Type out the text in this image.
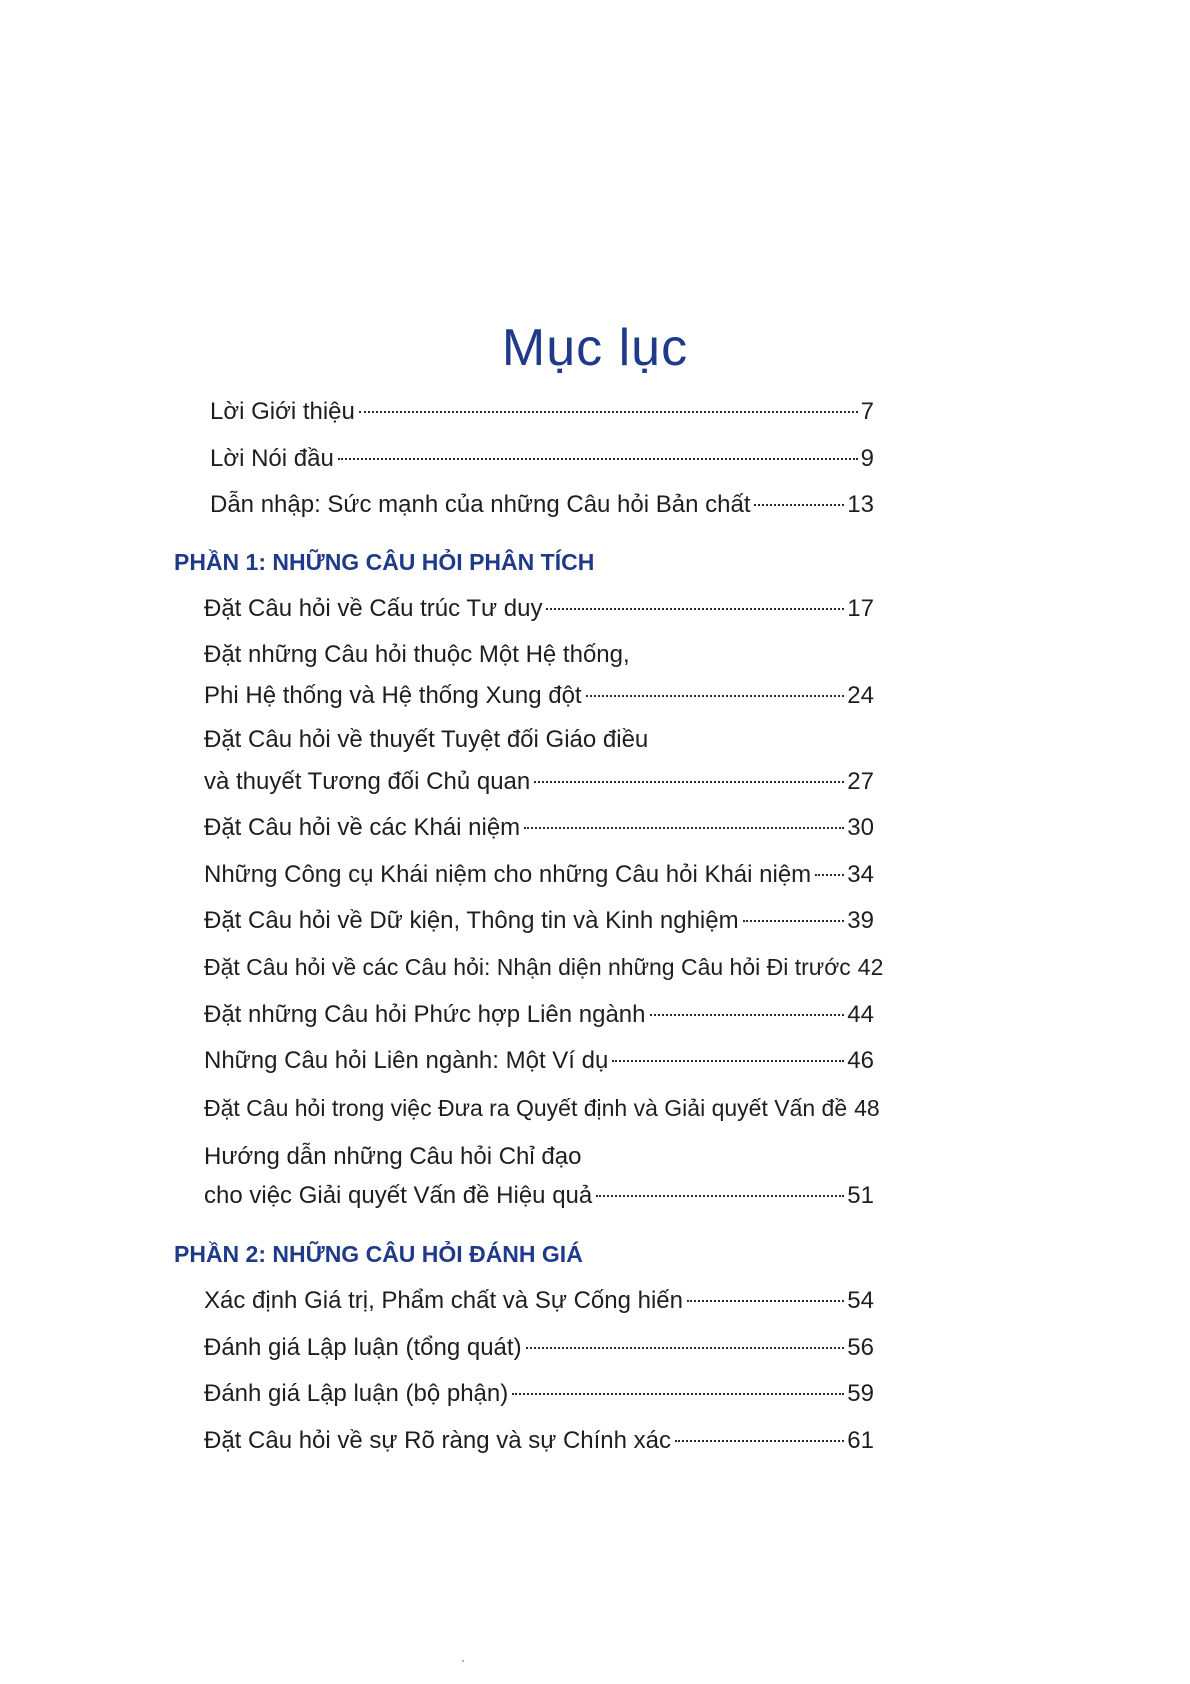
Mục lục
Lời Giới thiệu	7
Lời Nói đầu	9
Dẫn nhập: Sức mạnh của những Câu hỏi Bản chất	13
PHẦN 1: NHỮNG CÂU HỎI PHÂN TÍCH
Đặt Câu hỏi về Cấu trúc Tư duy	17
Đặt những Câu hỏi thuộc Một Hệ thống,
Phi Hệ thống và Hệ thống Xung đột	24
Đặt Câu hỏi về thuyết Tuyệt đối Giáo điều
và thuyết Tương đối Chủ quan	27
Đặt Câu hỏi về các Khái niệm	30
Những Công cụ Khái niệm cho những Câu hỏi Khái niệm 34
Đặt Câu hỏi về Dữ kiện, Thông tin và Kinh nghiệm	39
Đặt Câu hỏi về các Câu hỏi: Nhận diện những Câu hỏi Đi trước 42
Đặt những Câu hỏi Phức hợp Liên ngành	44
Những Câu hỏi Liên ngành: Một Ví dụ	46
Đặt Câu hỏi trong việc Đưa ra Quyết định và Giải quyết Vấn đề 48
Hướng dẫn những Câu hỏi Chỉ đạo
cho việc Giải quyết Vấn đề Hiệu quả	51
PHẦN 2: NHỮNG CÂU HỎI ĐÁNH GIÁ
Xác định Giá trị, Phẩm chất và Sự Cống hiến	54
Đánh giá Lập luận (tổng quát)	56
Đánh giá Lập luận (bộ phận)	59
Đặt Câu hỏi về sự Rõ ràng và sự Chính xác	61
